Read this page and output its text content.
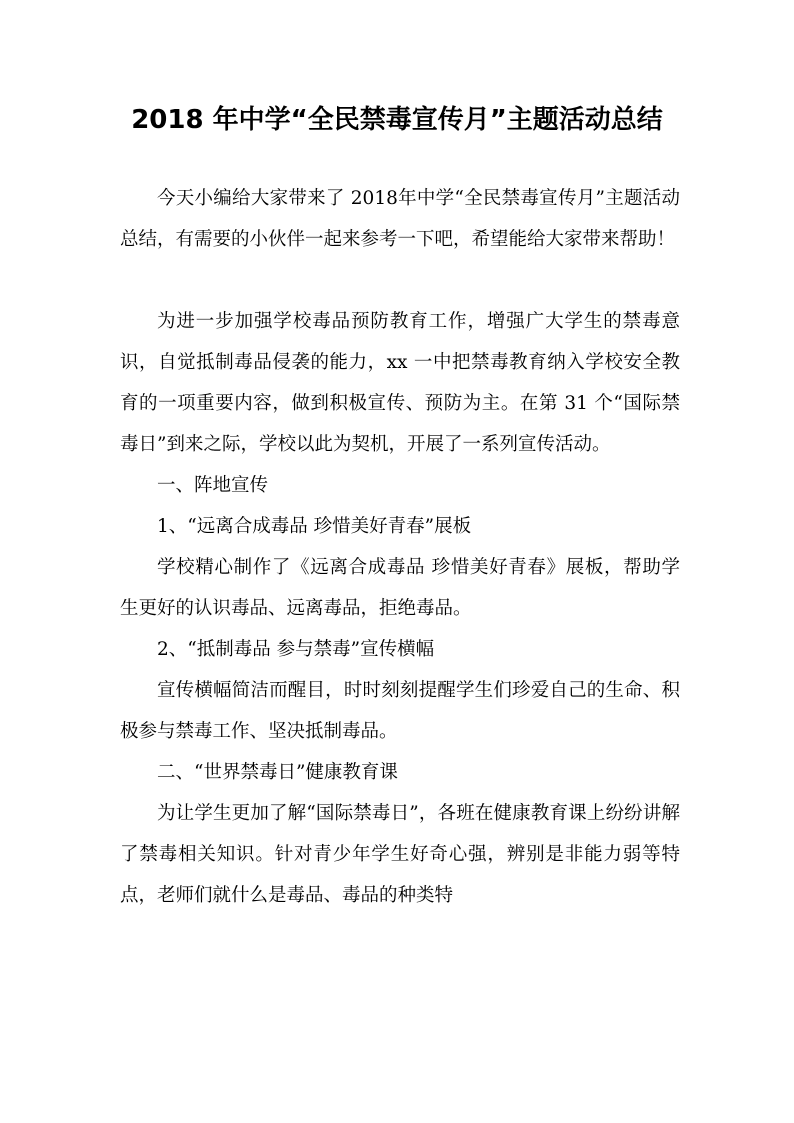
2018 年中学“全民禁毒宣传月”主题活动总结

今天小编给大家带来了 2018年中学“全民禁毒宣传月”主题活动总结，有需要的小伙伴一起来参考一下吧，希望能给大家带来帮助！

为进一步加强学校毒品预防教育工作，增强广大学生的禁毒意识，自觉抵制毒品侵袭的能力，xx 一中把禁毒教育纳入学校安全教育的一项重要内容，做到积极宣传、预防为主。在第 31 个“国际禁毒日”到来之际，学校以此为契机，开展了一系列宣传活动。

一、阵地宣传

1、“远离合成毒品 珍惜美好青春”展板

学校精心制作了《远离合成毒品 珍惜美好青春》展板，帮助学生更好的认识毒品、远离毒品，拒绝毒品。

2、“抵制毒品 参与禁毒”宣传横幅

宣传横幅简洁而醒目，时时刻刻提醒学生们珍爱自己的生命、积极参与禁毒工作、坚决抵制毒品。

二、“世界禁毒日”健康教育课

为让学生更加了解“国际禁毒日”，各班在健康教育课上纷纷讲解了禁毒相关知识。针对青少年学生好奇心强，辨别是非能力弱等特点，老师们就什么是毒品、毒品的种类特
